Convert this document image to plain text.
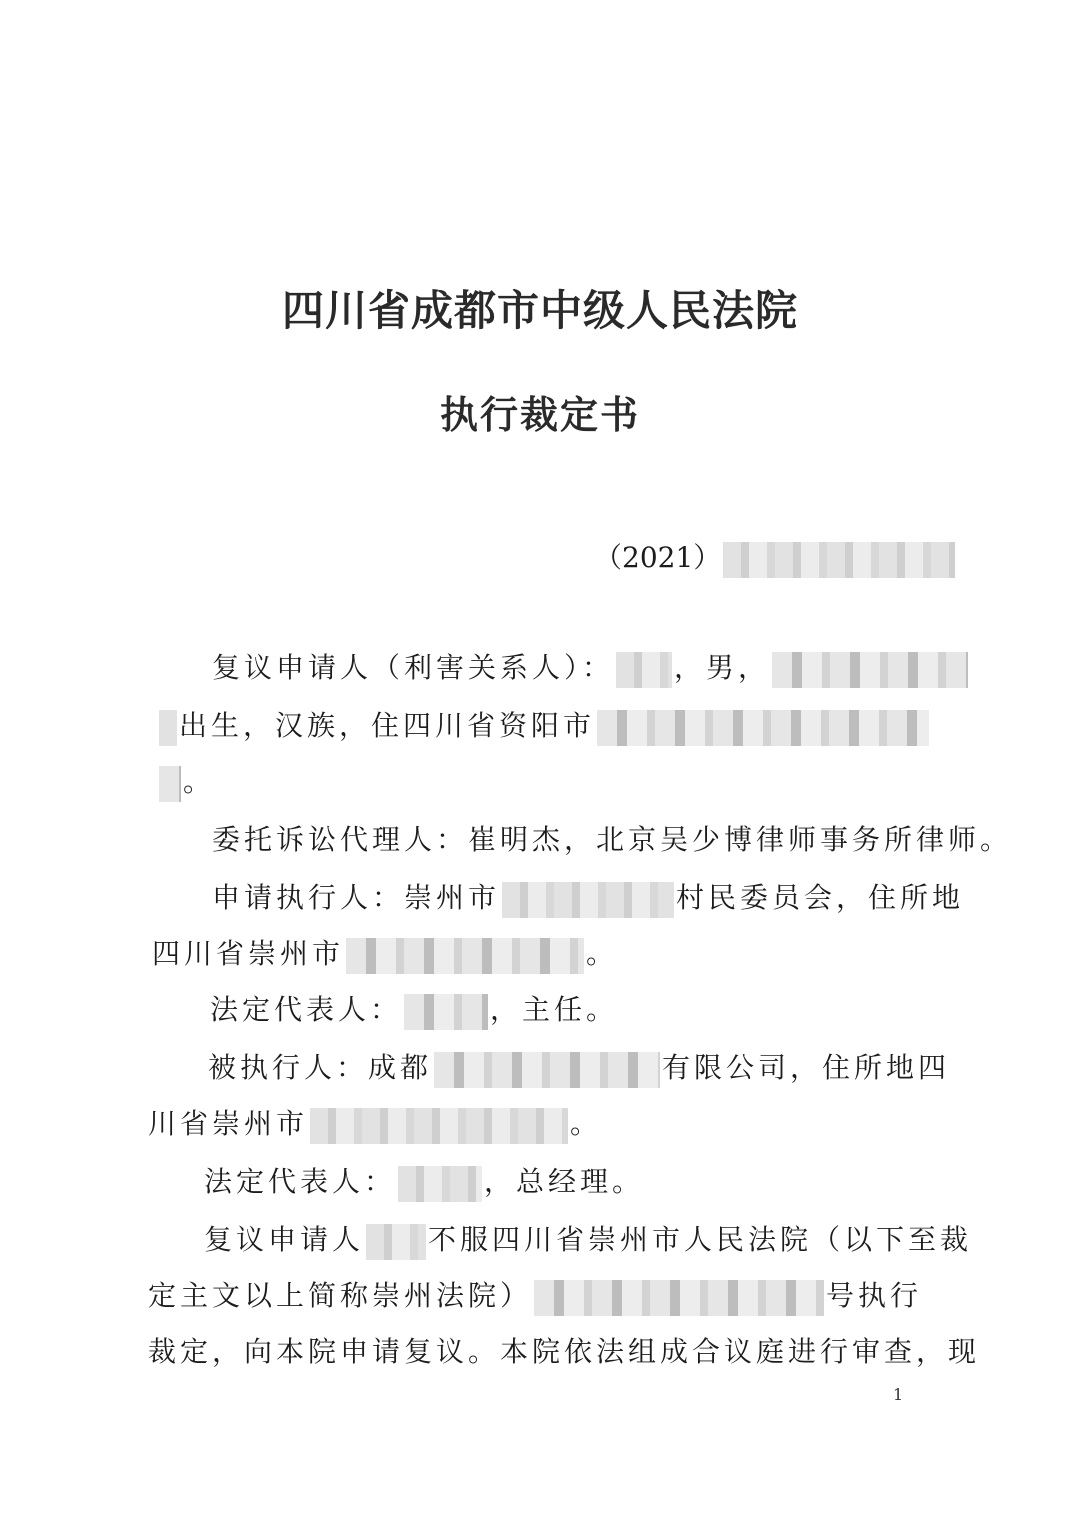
四川省成都市中级人民法院
执行裁定书
（2021）
复议申请人（利害关系人）： ，男，
出生，汉族，住四川省资阳市
。
委托诉讼代理人：崔明杰，北京吴少博律师事务所律师。
申请执行人：崇州市	村民委员会，住所地
四川省崇州市	。
法定代表人：	，主任。
被执行人：成都	有限公司，住所地四
川省崇州市	。
法定代表人：	，总经理。
复议申请人 不服四川省崇州市人民法院（以下至裁
定主文以上简称崇州法院）	号执行
裁定，向本院申请复议。本院依法组成合议庭进行审查，现
1
